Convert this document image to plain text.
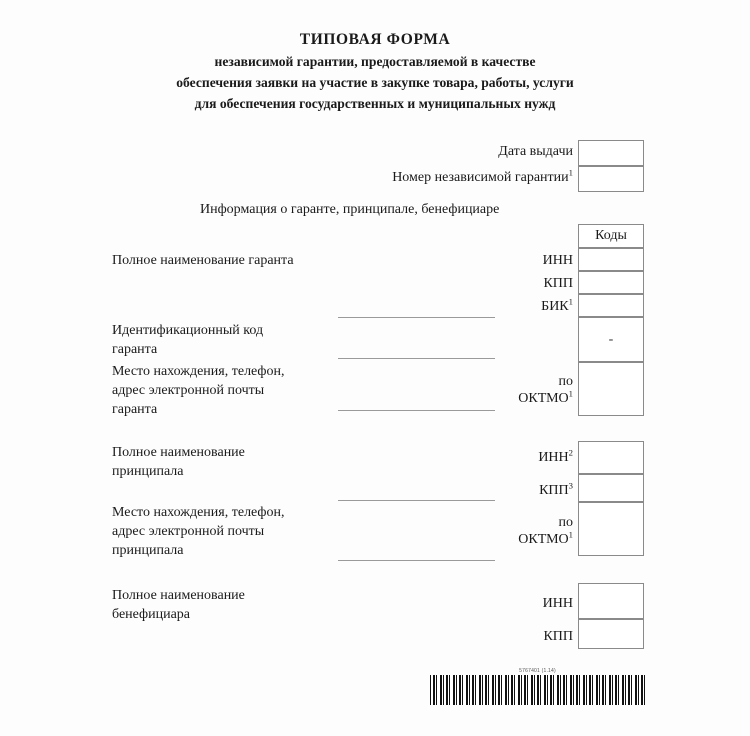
ТИПОВАЯ ФОРМА
независимой гарантии, предоставляемой в качестве
обеспечения заявки на участие в закупке товара, работы, услуги
для обеспечения государственных и муниципальных нужд
Дата выдачи
Номер независимой гарантии$^1$
Информация о гаранте, принципале, бенефициаре
Коды
Полное наименование гаранта	ИНН
КПП
БИК$^1$
Идентификационный код
гаранта
-
Место нахождения, телефон,
адрес электронной почты
гаранта
по
ОКТМО$^1$
Полное наименование
принципала
ИНН$^2$
КПП$^3$
Место нахождения, телефон,
адрес электронной почты
принципала
по
ОКТМО$^1$
Полное наименование
бенефициара
ИНН
КПП
5767401 (1.14)
